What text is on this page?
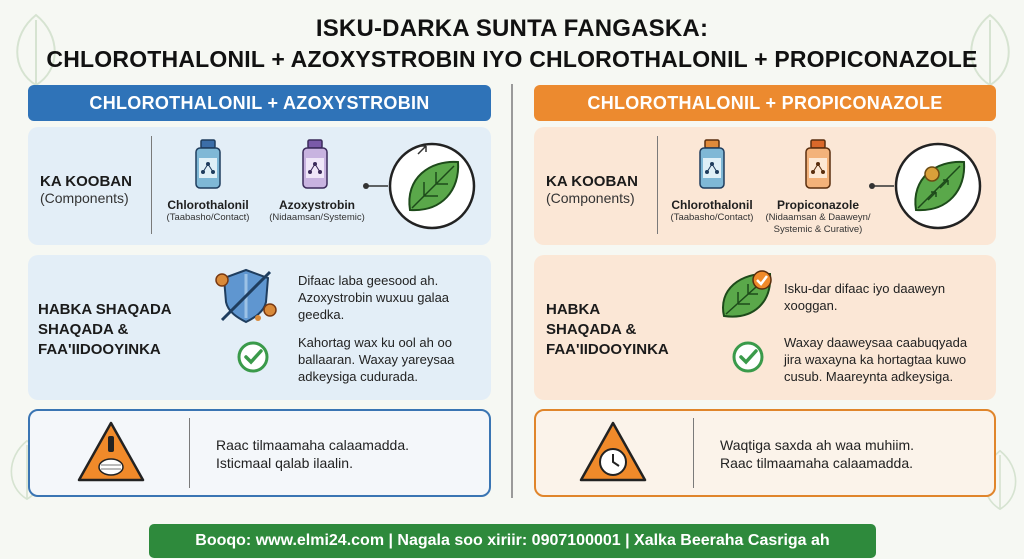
ISKU-DARKA SUNTA FANGASKA:
CHLOROTHALONIL + AZOXYSTROBIN IYO CHLOROTHALONIL + PROPICONAZOLE
CHLOROTHALONIL + AZOXYSTROBIN
KA KOOBAN
(Components)	Chlorothalonil
(Taabasho/Contact)
Azoxystrobin
(Nidaamsan/Systemic)
HABKA SHAQADA
SHAQADA &
FAA'IIDOOYINKA
Difaac laba geesood ah. Azoxystrobin wuxuu galaa geedka.
Kahortag wax ku ool ah oo ballaaran. Waxay yareysaa adkeysiga cudurada.
Raac tilmaamaha calaamadda.
Isticmaal qalab ilaalin.
CHLOROTHALONIL + PROPICONAZOLE
KA KOOBAN
(Components)	Chlorothalonil
(Taabasho/Contact)
Propiconazole
(Nidaamsan & Daaweyn/
Systemic & Curative)
HABKA
SHAQADA &
FAA'IIDOOYINKA
Isku-dar difaac iyo daaweyn xooggan.
Waxay daaweysaa caabuqyada jira waxayna ka hortagtaa kuwo cusub. Maareynta adkeysiga.
Waqtiga saxda ah waa muhiim.
Raac tilmaamaha calaamadda.
Booqo: www.elmi24.com | Nagala soo xiriir: 0907100001 | Xalka Beeraha Casriga ah
